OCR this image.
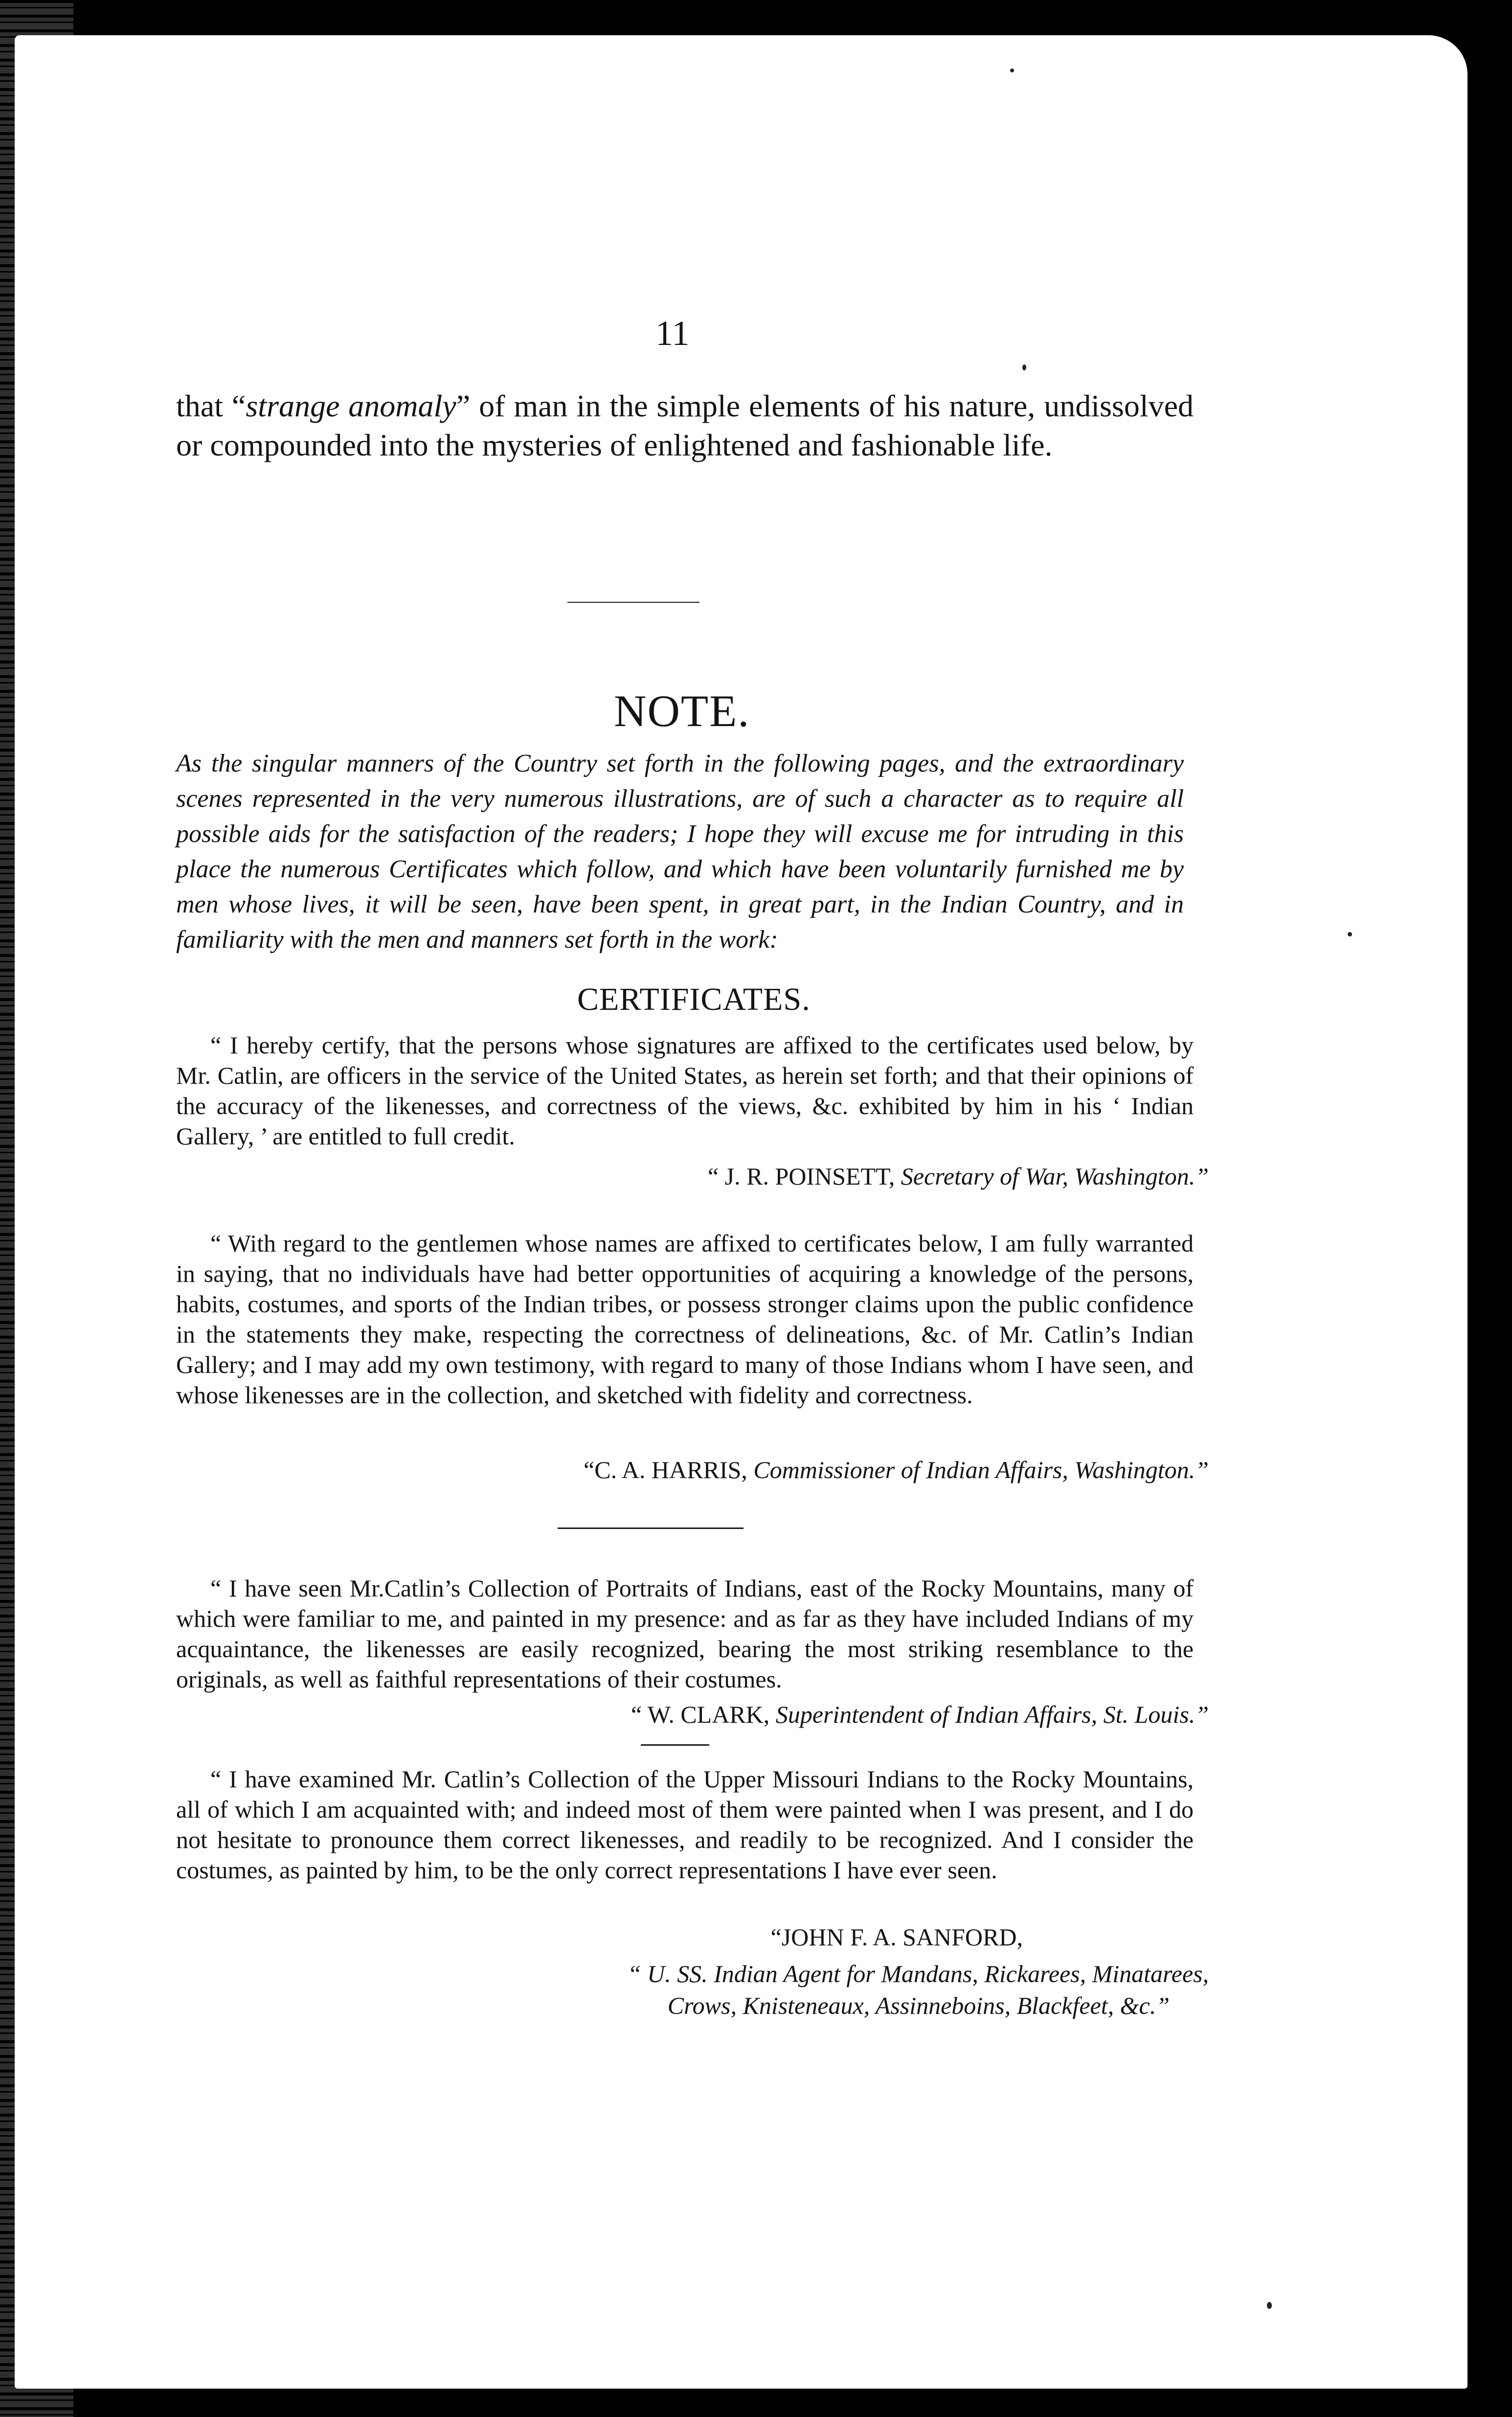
11
that “strange anomaly” of man in the simple elements of his nature, undissolved or compounded into the mysteries of enlightened and fashionable life.
NOTE.
As the singular manners of the Country set forth in the following pages, and the extraordinary scenes represented in the very numerous illustrations, are of such a character as to require all possible aids for the satisfaction of the readers; I hope they will excuse me for intruding in this place the numerous Certificates which follow, and which have been voluntarily furnished me by men whose lives, it will be seen, have been spent, in great part, in the Indian Country, and in familiarity with the men and manners set forth in the work:
CERTIFICATES.
“ I hereby certify, that the persons whose signatures are affixed to the certificates used below, by Mr. Catlin, are officers in the service of the United States, as herein set forth; and that their opinions of the accuracy of the likenesses, and correctness of the views, &c. exhibited by him in his ‘ Indian Gallery, ’ are entitled to full credit.
“ J. R. POINSETT, Secretary of War, Washington.”
“ With regard to the gentlemen whose names are affixed to certificates below, I am fully warranted in saying, that no individuals have had better opportunities of acquiring a knowledge of the persons, habits, costumes, and sports of the Indian tribes, or possess stronger claims upon the public confidence in the statements they make, respecting the correctness of delineations, &c. of Mr. Catlin’s Indian Gallery; and I may add my own testimony, with regard to many of those Indians whom I have seen, and whose likenesses are in the collection, and sketched with fidelity and correctness.
“C. A. HARRIS, Commissioner of Indian Affairs, Washington.”
“ I have seen Mr.Catlin’s Collection of Portraits of Indians, east of the Rocky Mountains, many of which were familiar to me, and painted in my presence: and as far as they have included Indians of my acquaintance, the likenesses are easily recognized, bearing the most striking resemblance to the originals, as well as faithful representations of their costumes.
“ W. CLARK, Superintendent of Indian Affairs, St. Louis.”
“ I have examined Mr. Catlin’s Collection of the Upper Missouri Indians to the Rocky Mountains, all of which I am acquainted with; and indeed most of them were painted when I was present, and I do not hesitate to pronounce them correct likenesses, and readily to be recognized. And I consider the costumes, as painted by him, to be the only correct representations I have ever seen.
“JOHN F. A. SANFORD,
“ U. SS. Indian Agent for Mandans, Rickarees, Minatarees,
Crows, Knisteneaux, Assinneboins, Blackfeet, &c.”
